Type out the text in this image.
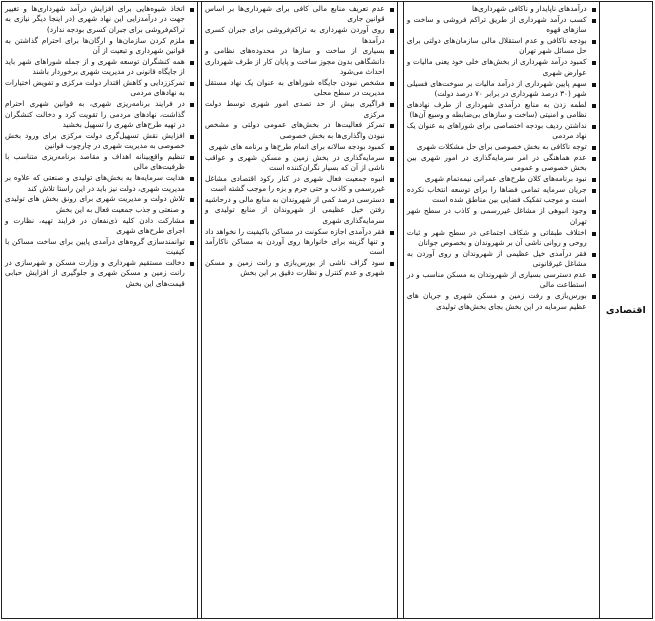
اقتصادی	
درآمدهای ناپایدار و ناکافی شهرداری‌ها
کسب درآمد شهرداری از طریق تراکم فروشی و ساخت و سازهای قهوه
بودجه ناکافی و عدم استقلال مالی سازمان‌های دولتی برای حل مسائل شهر تهران
کمبود درآمد شهرداری از بخش‌های خلی خود یعنی مالیات و عوارض شهری
سهم پایین شهرداری از درآمد مالیات بر سوخت‌های فسیلی شهر (۳۰ درصد شهرداری در برابر ۷۰ درصد دولت)
لطمه زدن به منابع درآمدی شهرداری از طرف نهادهای نظامی و امنیتی (ساخت و سازهای بی‌ضابطه و وسیع آن‌ها)
نداشتن ردیف بودجه اختصاصی برای شوراهای به عنوان یک نهاد مردمی
توجه ناکافی به بخش خصوصی برای حل مشکلات شهری
عدم هماهنگی در امر سرمایه‌گذاری در امور شهری بین بخش خصوصی و عمومی
نبود برنامه‌های کلان طرح‌های عمرانی نیمه‌تمام شهری
جریان سرمایه تمامی فضاها را برای توسعه انتخاب نکرده است و موجب تفکیک فضایی بین مناطق شده است
وجود انبوهی از مشاغل غیررسمی و کاذب در سطح شهر تهران
اختلاف طبقاتی و شکاف اجتماعی در سطح شهر و ثبات روحی و روانی ناشی آن بر شهروندان و بخصوص جوانان
فقر درآمدی خیل عظیمی از شهروندان و روی آوردن به مشاغل غیرقانونی
عدم دسترسی بسیاری از شهروندان به مسکن مناسب و در استطاعت مالی
بورس‌بازی و رفت زمین و مسکن شهری و جریان های عظیم سرمایه در این بخش بجای بخش‌های تولیدی

عدم تعریف منابع مالی کافی برای شهرداری‌ها بر اساس قوانین جاری
روی آوردن شهرداری به تراکم‌فروشی برای جبران کسری درآمدها
بسیاری از ساخت و سازها در محدوده‌های نظامی و دانشگاهی بدون مجوز ساخت و پایان کار از طرف شهرداری احداث می‌شود
مشخص نبودن جایگاه شوراهای به عنوان یک نهاد مستقل مدیریت در سطح محلی
فراگیری بیش از حد تصدی امور شهری توسط دولت مرکزی
تمرکز فعالیت‌ها در بخش‌های عمومی دولتی و مشخص نبودن واگذاری‌ها به بخش خصوصی
کمبود بودجه سالانه برای اتمام طرح‌ها و برنامه های شهری
سرمایه‌گذاری در بخش زمین و مسکن شهری و عواقب ناشی از آن که بسیار نگران‌کننده است
انبوه جمعیت فعال شهری در کنار رکود اقتصادی مشاغل غیررسمی و کاذب و حتی جرم و بزه را موجب گشته است
دسترسی درصد کمی از شهروندان به منابع مالی و درحاشیه رفتن خیل عظیمی از شهروندان از منابع تولیدی و سرمایه‌گذاری شهری
فقر درآمدی اجازه سکونت در مساکن باکیفیت را نخواهد داد و تنها گزینه برای خانوارها روی آوردن به مساکن ناکارآمد است
سود گزاف ناشی از بورس‌بازی و رانت زمین و مسکن شهری و عدم کنترل و نظارت دقیق بر این بخش

اتخاذ شیوه‌هایی برای افزایش درآمد شهرداری‌ها و تغییر جهت در درآمدزایی این نهاد شهری (در اینجا دیگر نیازی به تراکم‌فروشی برای جبران کسری بودجه ندارد)
ملزم کردن سازمان‌ها و ارگان‌ها برای احترام گذاشتن به قوانین شهرداری و تبعیت از آن
همه کنشگران توسعه شهری و از جمله شوراهای شهر باید از جایگاه قانونی در مدیریت شهری برخوردار باشند
تمرکززدایی و کاهش اقتدار دولت مرکزی و تفویض اختیارات به نهادهای مردمی
در فرایند برنامه‌ریزی شهری، به قوانین شهری احترام گذاشت، نهادهای مردمی را تقویت کرد و دخالت کنشگران در تهیه طرح‌های شهری را تسهیل بخشید
افزایش نقش تسهیل‌گری دولت مرکزی برای ورود بخش خصوصی به مدیریت شهری در چارچوب قوانین
تنظیم واقع‌بینانه اهداف و مقاصد برنامه‌ریزی متناسب با ظرفیت‌های مالی
هدایت سرمایه‌ها به بخش‌های تولیدی و صنعتی که علاوه بر مدیریت شهری، دولت نیز باید در این راستا تلاش کند
تلاش دولت و مدیریت شهری برای رونق بخش های تولیدی و صنعتی و جذب جمعیت فعال به این بخش
مشارکت دادن کلیه ذی‌نفعان در فرایند تهیه، نظارت و اجرای طرح‌های شهری
توانمندسازی گروه‌های درآمدی پایین برای ساخت مساکن با کیفیت
دخالت مستقیم شهرداری و وزارت مسکن و شهرسازی در رانت زمین و مسکن شهری و جلوگیری از افزایش حبابی قیمت‌های این بخش
